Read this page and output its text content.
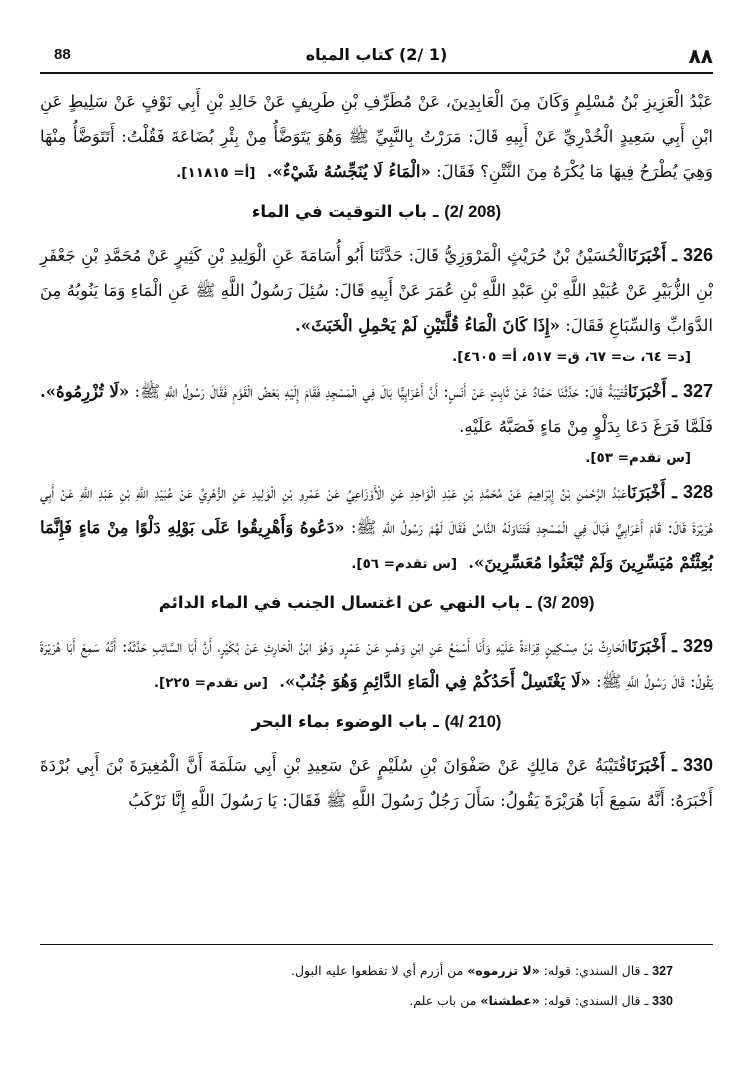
٨٨
(1 /2) كتاب المياه
88

عَبْدُ الْعَزِيزِ بْنُ مُسْلِمٍ وَكَانَ مِنَ الْعَابِدِينَ، عَنْ مُطَرِّفِ بْنِ طَرِيفٍ عَنْ خَالِدِ بْنِ أَبِي نَوْفٍ عَنْ سَلِيطٍ عَنِ ابْنِ أَبِي سَعِيدٍ الْخُدْرِيِّ عَنْ أَبِيهِ قَالَ: مَرَرْتُ بِالنَّبِيِّ ﷺ وَهُوَ يَتَوَضَّأُ مِنْ بِئْرِ بُضَاعَةَ فَقُلْتُ: أَتَتَوَضَّأُ مِنْهَا وَهِيَ يُطْرَحُ فِيهَا مَا يُكْرَهُ مِنَ النَّتْنِ؟ فَقَالَ: «الْمَاءُ لَا يُنَجِّسُهُ شَيْءٌ». [أ= ١١٨١٥].

(208 /2) ـ باب التوقيت في الماء

326ـ أَخْبَرَنَاالْحُسَيْنُ بْنُ حُرَيْثٍ الْمَرْوَزِيُّ قَالَ: حَدَّثَنَا أَبُو أُسَامَةَ عَنِ الْوَلِيدِ بْنِ كَثِيرٍ عَنْ مُحَمَّدِ بْنِ جَعْفَرِ بْنِ الزُّبَيْرِ عَنْ عُبَيْدِ اللَّهِ بْنِ عَبْدِ اللَّهِ بْنِ عُمَرَ عَنْ أَبِيهِ قَالَ: سُئِلَ رَسُولُ اللَّهِ ﷺ عَنِ الْمَاءِ وَمَا يَنُوبُهُ مِنَ الدَّوَابِّ وَالسِّبَاعِ فَقَالَ: «إِذَا كَانَ الْمَاءُ قُلَّتَيْنِ لَمْ يَحْمِلِ الْخَبَثَ».

[د= ٦٤، ت= ٦٧، ق= ٥١٧، أ= ٤٦٠٥].

327ـ أَخْبَرَنَاقُتَيْبَةُ قَالَ: حَدَّثَنَا حَمَّادٌ عَنْ ثَابِتٍ عَنْ أَنَسٍ: أَنَّ أَعْرَابِيًّا بَالَ فِي الْمَسْجِدِ فَقَامَ إِلَيْهِ بَعْضُ الْقَوْمِ فَقَالَ رَسُولُ اللَّهِ ﷺ: «لَا تُزْرِمُوهُ». فَلَمَّا فَرَغَ دَعَا بِدَلْوٍ مِنْ مَاءٍ فَصَبَّهُ عَلَيْهِ.

[س تقدم= ٥٣].

328ـ أَخْبَرَنَاعَبْدُ الرَّحْمٰنِ بْنُ إِبْرَاهِيمَ عَنْ مُحَمَّدِ بْنِ عَبْدِ الْوَاحِدِ عَنِ الْأَوْزَاعِيِّ عَنْ عَمْرِو بْنِ الْوَلِيدِ عَنِ الزُّهْرِيِّ عَنْ عُبَيْدِ اللَّهِ بْنِ عَبْدِ اللَّهِ عَنْ أَبِي هُرَيْرَةَ قَالَ: قَامَ أَعْرَابِيٌّ فَبَالَ فِي الْمَسْجِدِ فَتَنَاوَلَهُ النَّاسُ فَقَالَ لَهُمْ رَسُولُ اللَّهِ ﷺ: «دَعُوهُ وَأَهْرِيقُوا عَلَى بَوْلِهِ دَلْوًا مِنْ مَاءٍ فَإِنَّمَا بُعِثْتُمْ مُيَسِّرِينَ وَلَمْ تُبْعَثُوا مُعَسِّرِينَ». [س تقدم= ٥٦].

(209 /3) ـ باب النهي عن اغتسال الجنب في الماء الدائم

329ـ أَخْبَرَنَاالْحَارِثُ بْنُ مِسْكِينٍ قِرَاءَةً عَلَيْهِ وَأَنَا أَسْمَعُ عَنِ ابْنِ وَهْبٍ عَنْ عَمْرٍو وَهُوَ ابْنُ الْحَارِثِ عَنْ بُكَيْرٍ، أَنَّ أَبَا السَّائِبِ حَدَّثَهُ: أَنَّهُ سَمِعَ أَبَا هُرَيْرَةَ يَقُولُ: قَالَ رَسُولُ اللَّهِ ﷺ: «لَا يَغْتَسِلْ أَحَدُكُمْ فِي الْمَاءِ الدَّائِمِ وَهُوَ جُنُبٌ». [س تقدم= ٢٢٥].

(210 /4) ـ باب الوضوء بماء البحر

330ـ أَخْبَرَنَاقُتَيْبَةُ عَنْ مَالِكٍ عَنْ صَفْوَانَ بْنِ سُلَيْمٍ عَنْ سَعِيدِ بْنِ أَبِي سَلَمَةَ أَنَّ الْمُغِيرَةَ بْنَ أَبِي بُرْدَةَ أَخْبَرَهُ: أَنَّهُ سَمِعَ أَبَا هُرَيْرَةَ يَقُولُ: سَأَلَ رَجُلٌ رَسُولَ اللَّهِ ﷺ فَقَالَ: يَا رَسُولَ اللَّهِ إِنَّا نَرْكَبُ

327 ـ قال السندي: قوله: «لا تزرموه» من أزرم أي لا تقطعوا عليه البول.

330 ـ قال السندي: قوله: «عطشنا» من باب علم.
